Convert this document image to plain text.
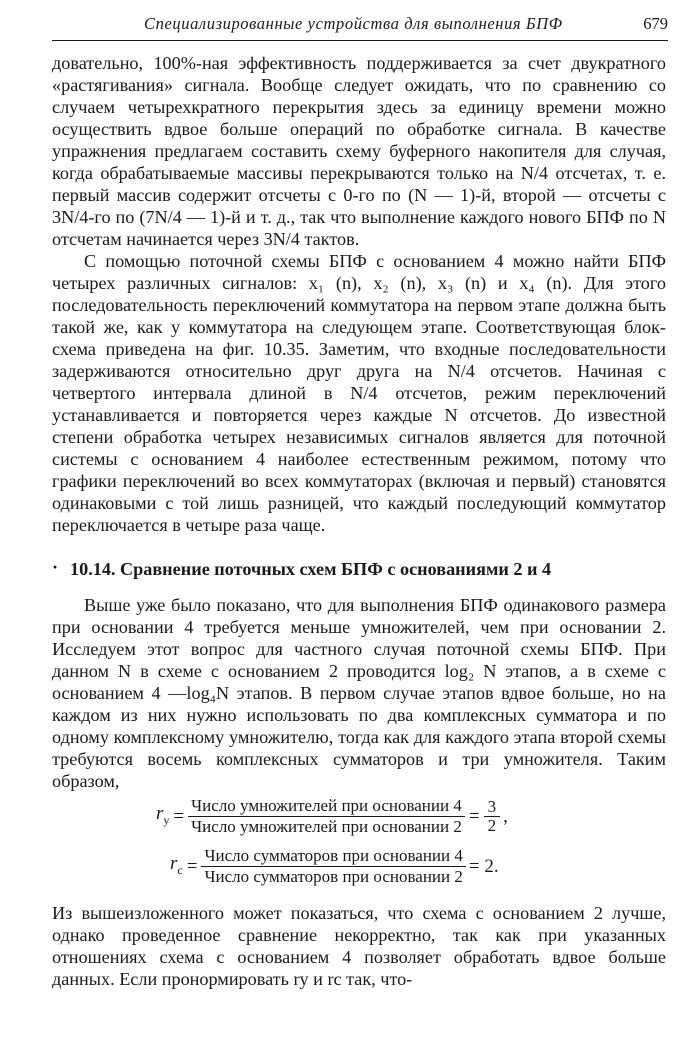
Специализированные устройства для выполнения БПФ	679

довательно, 100%-ная эффективность поддерживается за счет двукратного «растягивания» сигнала. Вообще следует ожидать, что по сравнению со случаем четырехкратного перекрытия здесь за единицу времени можно осуществить вдвое больше операций по обработке сигнала. В качестве упражнения предлагаем составить схему буферного накопителя для случая, когда обрабатываемые массивы перекрываются только на N/4 отсчетах, т. е. первый массив содержит отсчеты с 0-го по (N — 1)-й, второй — отсчеты с 3N/4-го по (7N/4 — 1)-й и т. д., так что выполнение каждого нового БПФ по N отсчетам начинается через 3N/4 тактов.

С помощью поточной схемы БПФ с основанием 4 можно найти БПФ четырех различных сигналов: x₁ (n), x₂ (n), x₃ (n) и x₄ (n). Для этого последовательность переключений коммутатора на первом этапе должна быть такой же, как у коммутатора на следующем этапе. Соответствующая блок-схема приведена на фиг. 10.35. Заметим, что входные последовательности задерживаются относительно друг друга на N/4 отсчетов. Начиная с четвертого интервала длиной в N/4 отсчетов, режим переключений устанавливается и повторяется через каждые N отсчетов. До известной степени обработка четырех независимых сигналов является для поточной системы с основанием 4 наиболее естественным режимом, потому что графики переключений во всех коммутаторах (включая и первый) становятся одинаковыми с той лишь разницей, что каждый последующий коммутатор переключается в четыре раза чаще.

· 10.14. Сравнение поточных схем БПФ с основаниями 2 и 4

Выше уже было показано, что для выполнения БПФ одинакового размера при основании 4 требуется меньше умножителей, чем при основании 2. Исследуем этот вопрос для частного случая поточной схемы БПФ. При данном N в схеме с основанием 2 проводится log₂ N этапов, а в схеме с основанием 4 —log₄N этапов. В первом случае этапов вдвое больше, но на каждом из них нужно использовать по два комплексных сумматора и по одному комплексному умножителю, тогда как для каждого этапа второй схемы требуются восемь комплексных сумматоров и три умножителя. Таким образом,

$r_у = \frac{\text{Число умножителей при основании 4}}{\text{Число умножителей при основании 2}} = \frac{3}{2}$ ,
$r_с = \frac{\text{Число сумматоров при основании 4}}{\text{Число сумматоров при основании 2}} = 2$.

Из вышеизложенного может показаться, что схема с основанием 2 лучше, однако проведенное сравнение некорректно, так как при указанных отношениях схема с основанием 4 позволяет обработать вдвое больше данных. Если пронормировать rу и rс так, что-
